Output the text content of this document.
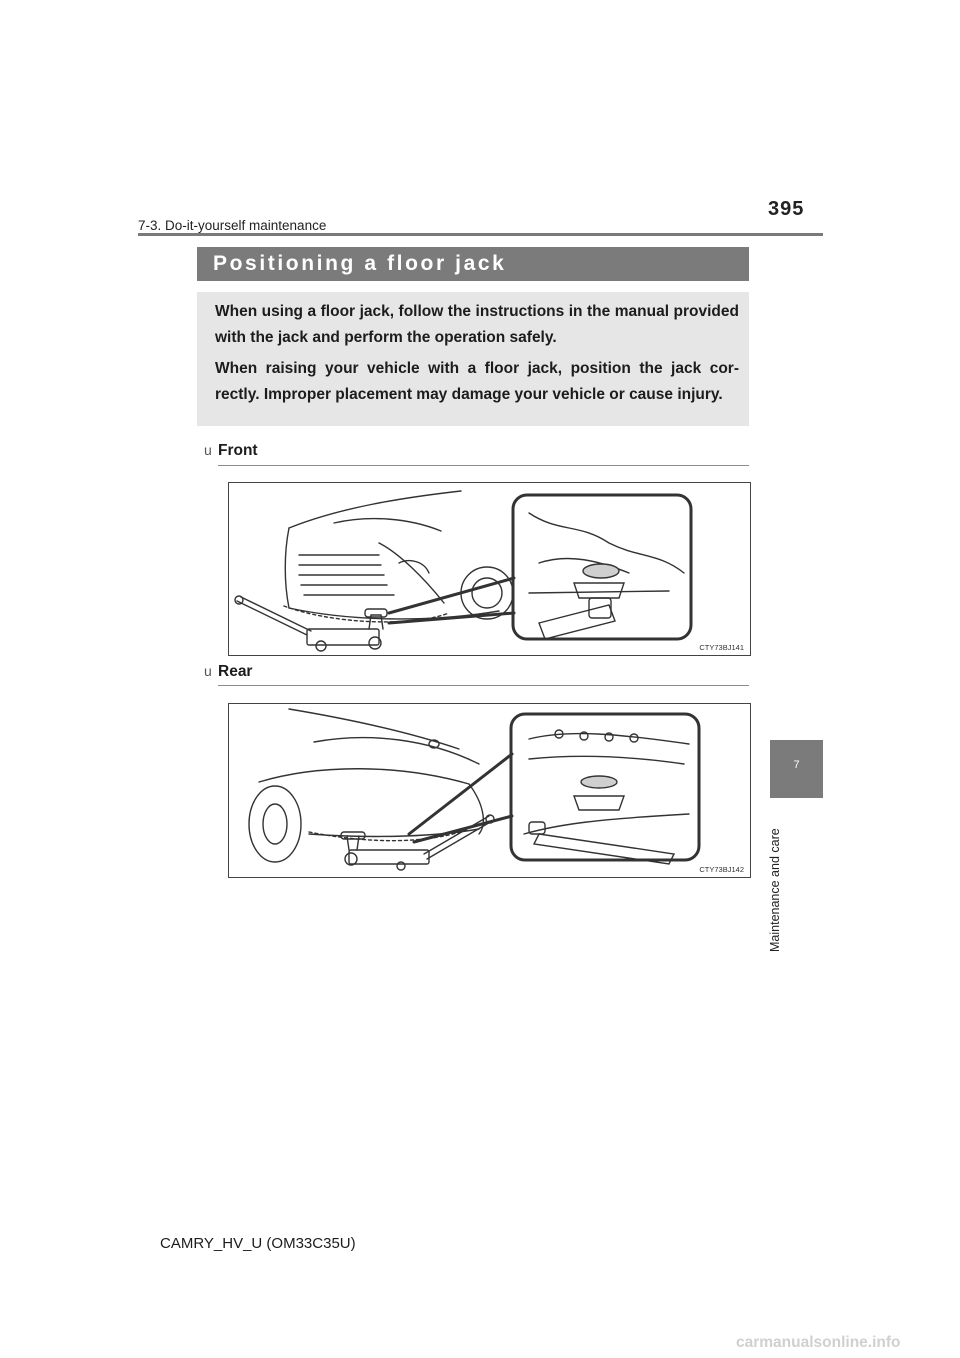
7-3. Do-it-yourself maintenance
395
Positioning a floor jack

When using a floor jack, follow the instructions in the manual provided with the jack and perform the operation safely.

When raising your vehicle with a floor jack, position the jack cor- rectly. Improper placement may damage your vehicle or cause injury.

u Front
CTY73BJ141
u Rear
CTY73BJ142
7
Maintenance and care
CAMRY_HV_U (OM33C35U)
carmanualsonline.info
